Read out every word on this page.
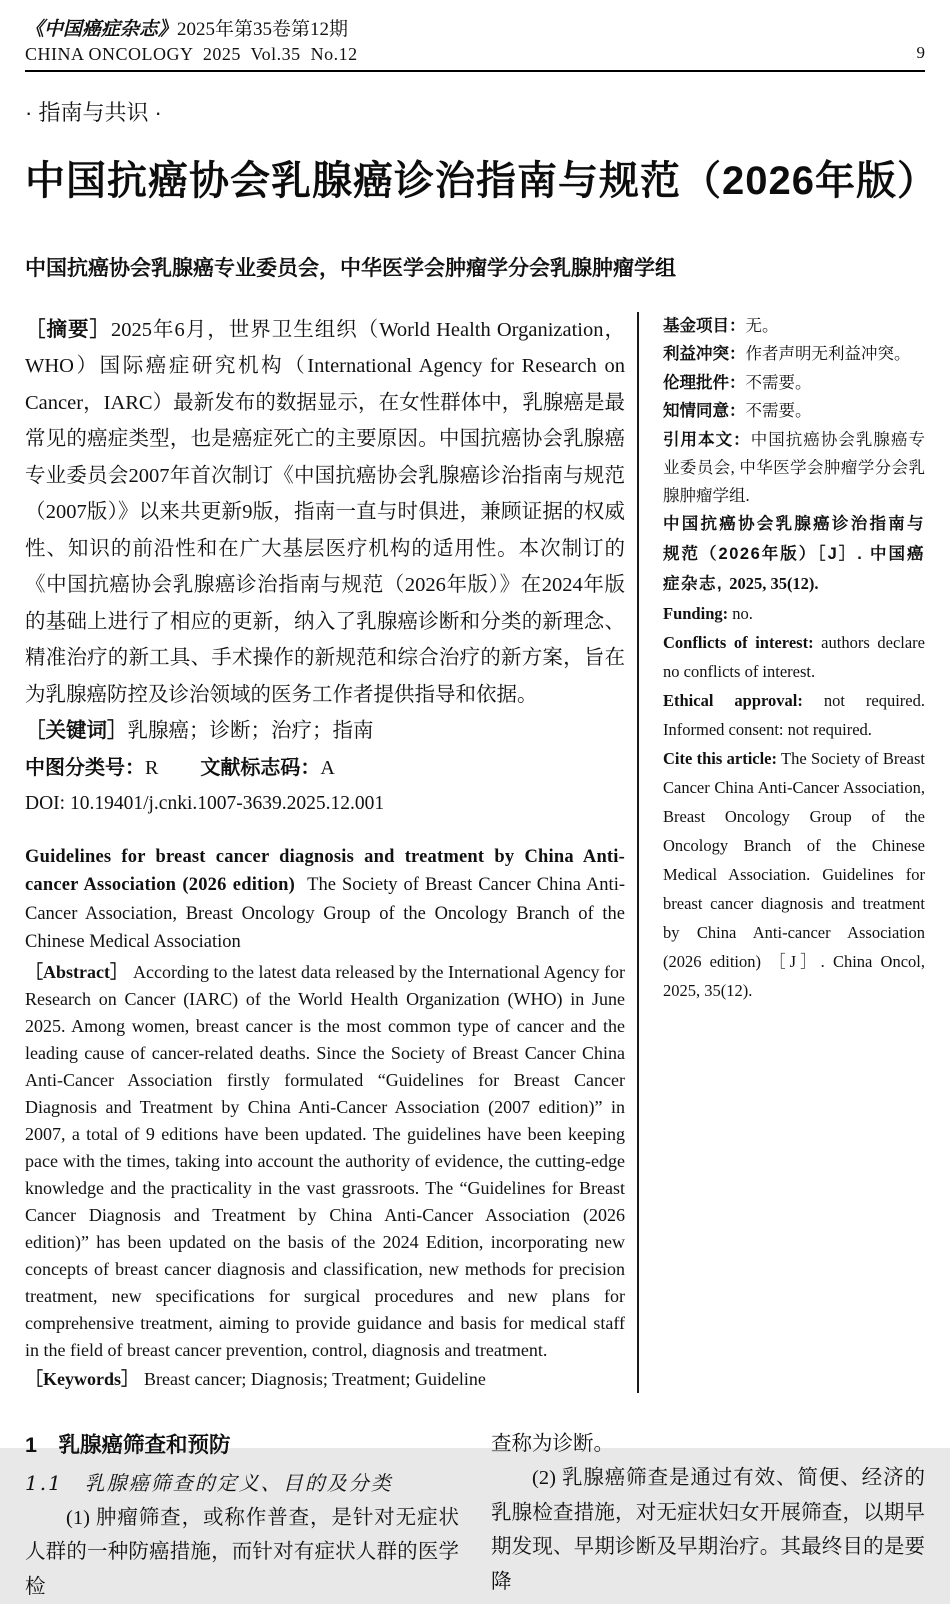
《中国癌症杂志》2025年第35卷第12期
CHINA ONCOLOGY  2025  Vol.35  No.12	9
· 指南与共识 ·
中国抗癌协会乳腺癌诊治指南与规范（2026年版）
中国抗癌协会乳腺癌专业委员会，中华医学会肿瘤学分会乳腺肿瘤学组

［摘要］2025年6月，世界卫生组织（World Health Organization，WHO）国际癌症研究机构（International Agency for Research on Cancer，IARC）最新发布的数据显示，在女性群体中，乳腺癌是最常见的癌症类型，也是癌症死亡的主要原因。中国抗癌协会乳腺癌专业委员会2007年首次制订《中国抗癌协会乳腺癌诊治指南与规范（2007版）》以来共更新9版，指南一直与时俱进，兼顾证据的权威性、知识的前沿性和在广大基层医疗机构的适用性。本次制订的《中国抗癌协会乳腺癌诊治指南与规范（2026年版）》在2024年版的基础上进行了相应的更新，纳入了乳腺癌诊断和分类的新理念、精准治疗的新工具、手术操作的新规范和综合治疗的新方案，旨在为乳腺癌防控及诊治领域的医务工作者提供指导和依据。

［关键词］乳腺癌；诊断；治疗；指南

中图分类号：R 文献标志码：A

DOI: 10.19401/j.cnki.1007-3639.2025.12.001

Guidelines for breast cancer diagnosis and treatment by China Anti-cancer Association (2026 edition) The Society of Breast Cancer China Anti-Cancer Association, Breast Oncology Group of the Oncology Branch of the Chinese Medical Association

［Abstract］ According to the latest data released by the International Agency for Research on Cancer (IARC) of the World Health Organization (WHO) in June 2025. Among women, breast cancer is the most common type of cancer and the leading cause of cancer-related deaths. Since the Society of Breast Cancer China Anti-Cancer Association firstly formulated “Guidelines for Breast Cancer Diagnosis and Treatment by China Anti-Cancer Association (2007 edition)” in 2007, a total of 9 editions have been updated. The guidelines have been keeping pace with the times, taking into account the authority of evidence, the cutting-edge knowledge and the practicality in the vast grassroots. The “Guidelines for Breast Cancer Diagnosis and Treatment by China Anti-Cancer Association (2026 edition)” has been updated on the basis of the 2024 Edition, incorporating new concepts of breast cancer diagnosis and classification, new methods for precision treatment, new specifications for surgical procedures and new plans for comprehensive treatment, aiming to provide guidance and basis for medical staff in the field of breast cancer prevention, control, diagnosis and treatment.

［Keywords］ Breast cancer; Diagnosis; Treatment; Guideline

基金项目：无。

利益冲突：作者声明无利益冲突。

伦理批件：不需要。

知情同意：不需要。

引用本文：中国抗癌协会乳腺癌专业委员会, 中华医学会肿瘤学分会乳腺肿瘤学组.

中国抗癌协会乳腺癌诊治指南与规范（2026年版）［J］. 中国癌症杂志, 2025, 35(12).

Funding: no.

Conflicts of interest: authors declare no conflicts of interest.

Ethical approval: not required. Informed consent: not required.

Cite this article: The Society of Breast Cancer China Anti-Cancer Association, Breast Oncology Group of the Oncology Branch of the Chinese Medical Association. Guidelines for breast cancer diagnosis and treatment by China Anti-cancer Association (2026 edition) ［J］. China Oncol, 2025, 35(12).

1　乳腺癌筛查和预防
1.1　乳腺癌筛查的定义、目的及分类

(1) 肿瘤筛查，或称作普查，是针对无症状人群的一种防癌措施，而针对有症状人群的医学检

查称为诊断。

(2) 乳腺癌筛查是通过有效、简便、经济的乳腺检查措施，对无症状妇女开展筛查，以期早期发现、早期诊断及早期治疗。其最终目的是要降
